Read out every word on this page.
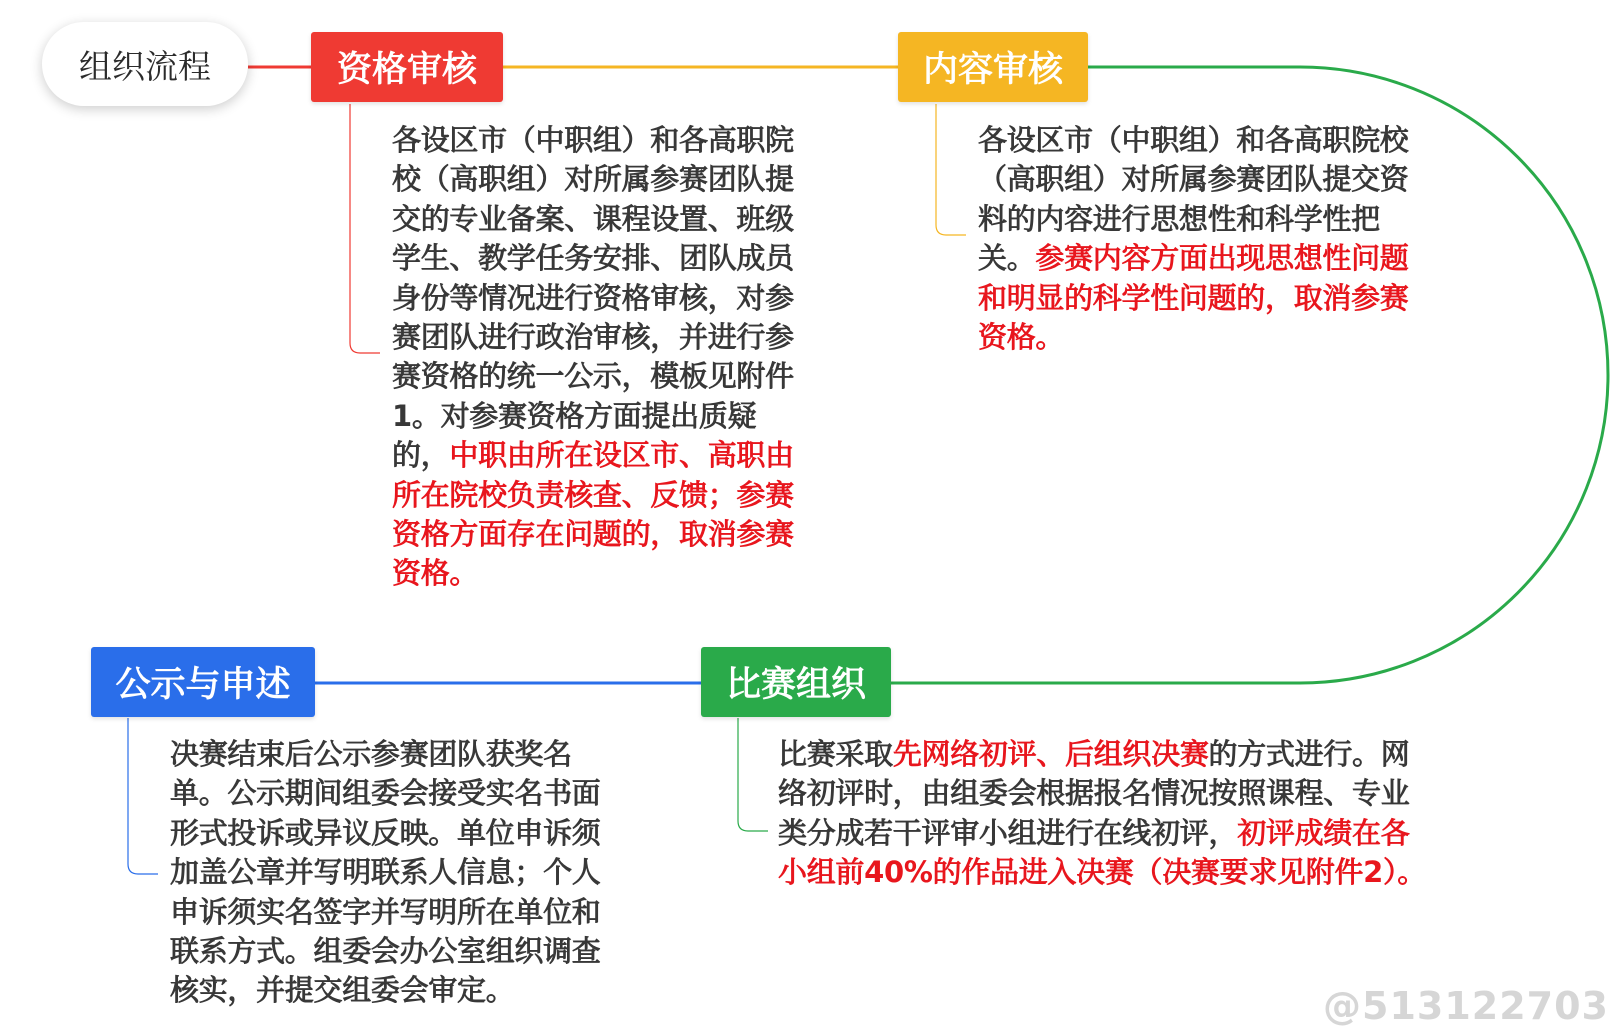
组织流程	资格审核	内容审核
比赛组织
公示与申述
各设区市（中职组）和各高职院校（高职组）对所属参赛团队提交的专业备案、课程设置、班级学生、教学任务安排、团队成员身份等情况进行资格审核，对参赛团队进行政治审核，并进行参赛资格的统一公示，模板见附件1。对参赛资格方面提出质疑的，中职由所在设区市、高职由所在院校负责核查、反馈；参赛资格方面存在问题的，取消参赛资格。
各设区市（中职组）和各高职院校（高职组）对所属参赛团队提交资料的内容进行思想性和科学性把关。参赛内容方面出现思想性问题和明显的科学性问题的，取消参赛资格。
比赛采取先网络初评、后组织决赛的方式进行。网络初评时，由组委会根据报名情况按照课程、专业类分成若干评审小组进行在线初评，初评成绩在各小组前40%的作品进入决赛（决赛要求见附件2）。
决赛结束后公示参赛团队获奖名单。公示期间组委会接受实名书面形式投诉或异议反映。单位申诉须加盖公章并写明联系人信息；个人申诉须实名签字并写明所在单位和联系方式。组委会办公室组织调查核实，并提交组委会审定。	@513122703
